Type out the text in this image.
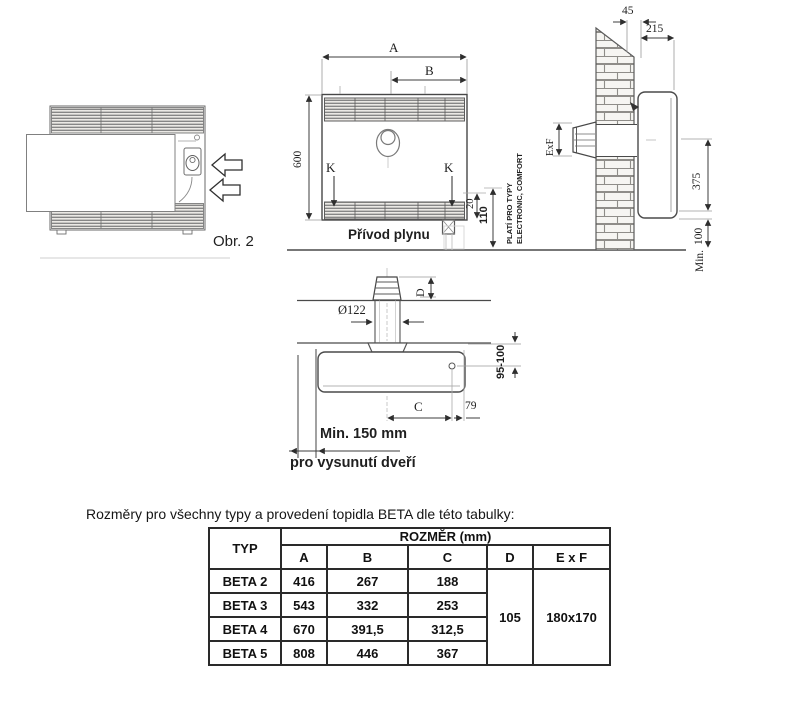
Obr. 2
A
B
600 K	K
20
110
Přívod plynu	PLATÍ PRO TYPY ELECTRONIC, COMFORT
45
215
ExF
375
100
Min.
D
Ø122
95-100
C	79
Min. 150 mm
pro vysunutí dveří
Rozměry pro všechny typy a provedení topidla BETA dle této tabulky:
TYP	ROZMĚR (mm)				
	A	B	C	D	E x F
BETA 2	416	267	188	105	180x170
BETA 3	543	332	253		
BETA 4	670	391,5	312,5		
BETA 5	808	446	367		
